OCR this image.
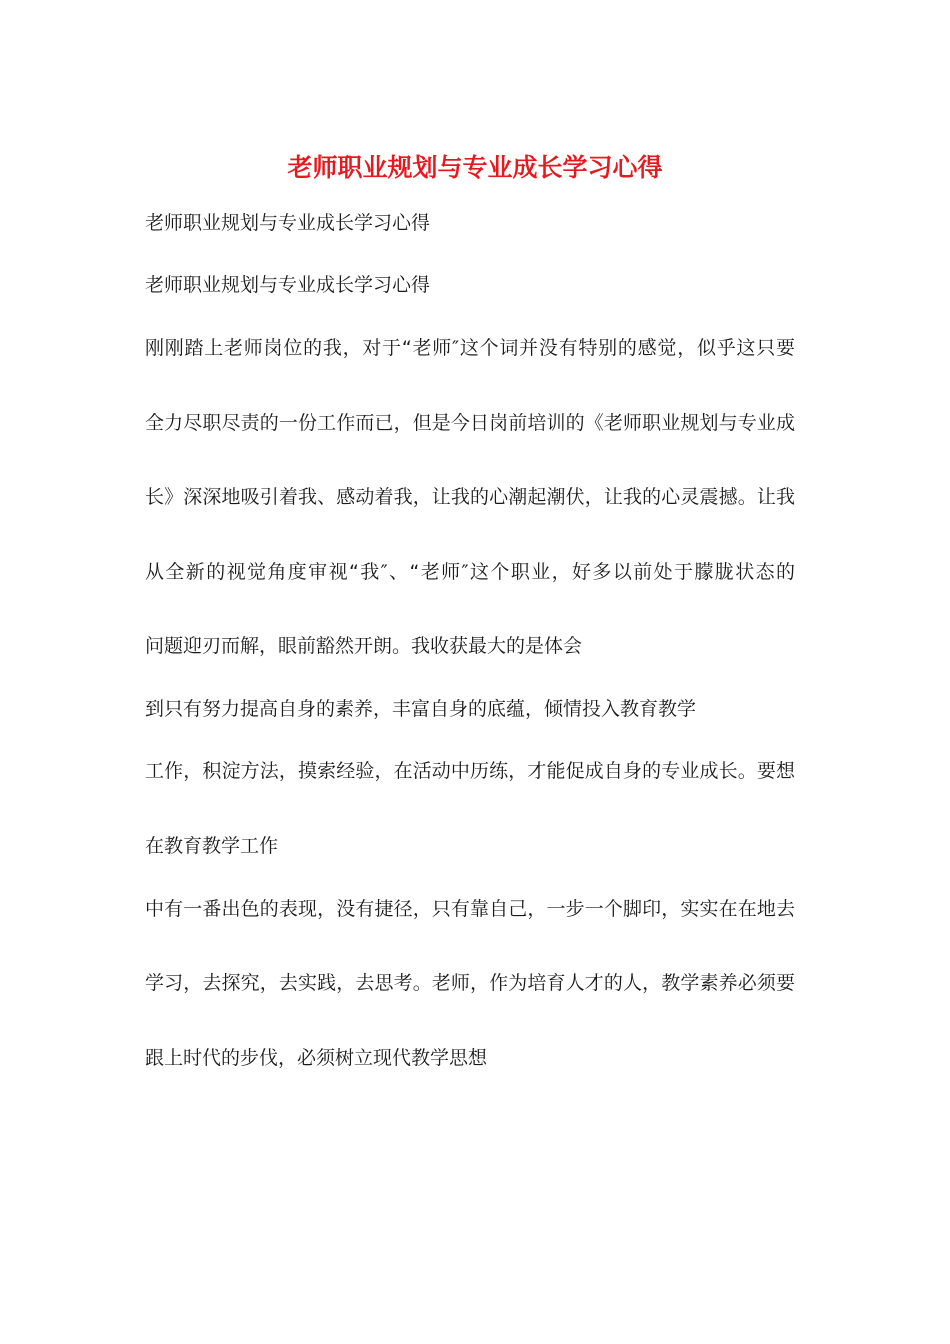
老师职业规划与专业成长学习心得

老师职业规划与专业成长学习心得

老师职业规划与专业成长学习心得

刚刚踏上老师岗位的我，对于“老师″这个词并没有特别的感觉，似乎这只要

全力尽职尽责的一份工作而已，但是今日岗前培训的《老师职业规划与专业成

长》深深地吸引着我、感动着我，让我的心潮起潮伏，让我的心灵震撼。让我

从全新的视觉角度审视“我″、“老师″这个职业，好多以前处于朦胧状态的

问题迎刃而解，眼前豁然开朗。我收获最大的是体会

到只有努力提高自身的素养，丰富自身的底蕴，倾情投入教育教学

工作，积淀方法，摸索经验，在活动中历练，才能促成自身的专业成长。要想

在教育教学工作

中有一番出色的表现，没有捷径，只有靠自己，一步一个脚印，实实在在地去

学习，去探究，去实践，去思考。老师，作为培育人才的人，教学素养必须要

跟上时代的步伐，必须树立现代教学思想
